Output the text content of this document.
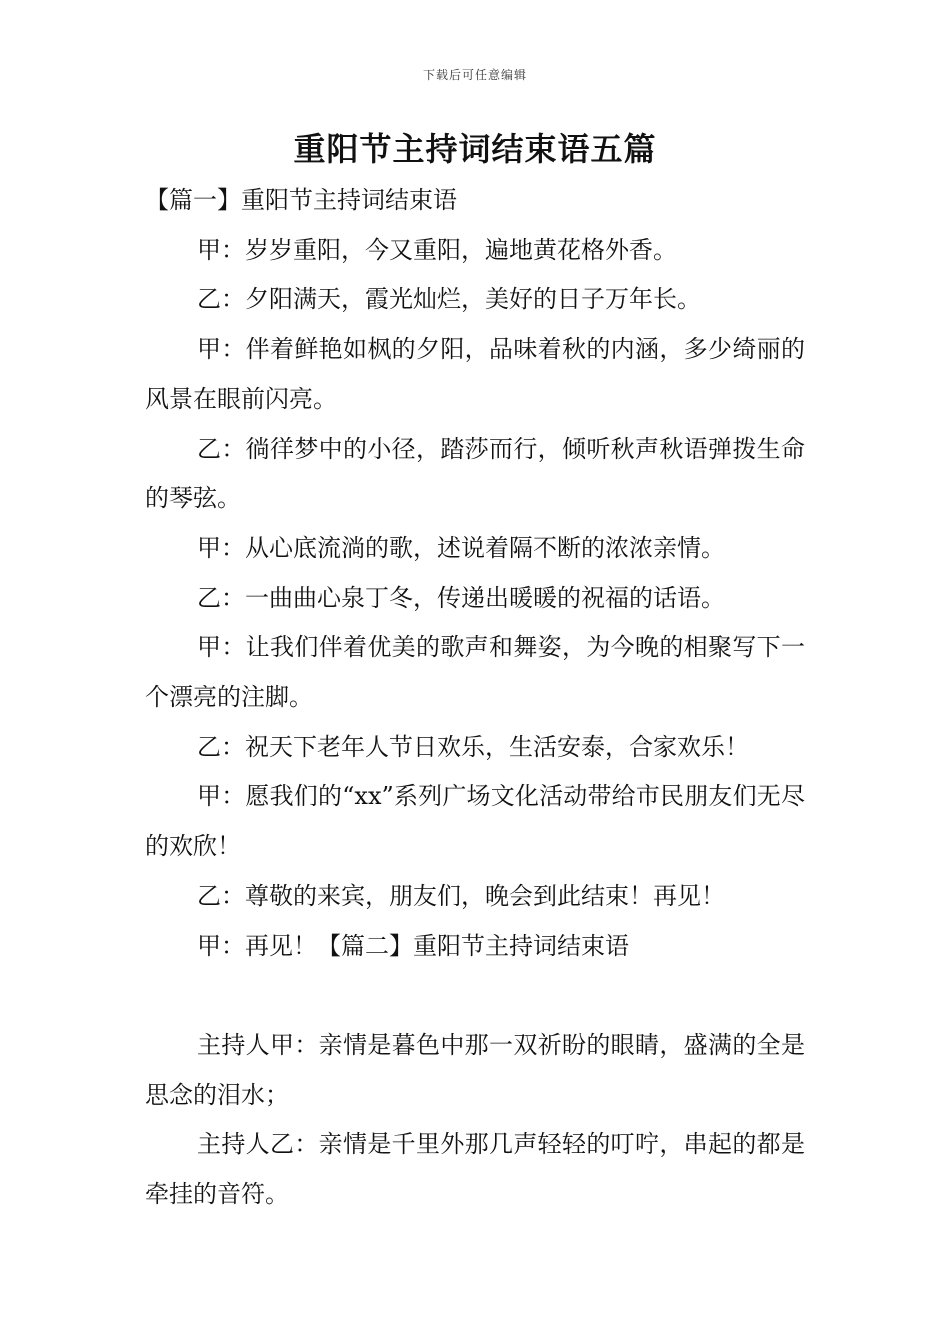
下载后可任意编辑
重阳节主持词结束语五篇

【篇一】重阳节主持词结束语

甲：岁岁重阳，今又重阳，遍地黄花格外香。

乙：夕阳满天，霞光灿烂，美好的日子万年长。

甲：伴着鲜艳如枫的夕阳，品味着秋的内涵，多少绮丽的风景在眼前闪亮。

乙：徜徉梦中的小径，踏莎而行，倾听秋声秋语弹拨生命的琴弦。

甲：从心底流淌的歌，述说着隔不断的浓浓亲情。

乙：一曲曲心泉丁冬，传递出暖暖的祝福的话语。

甲：让我们伴着优美的歌声和舞姿，为今晚的相聚写下一个漂亮的注脚。

乙：祝天下老年人节日欢乐，生活安泰，合家欢乐！

甲：愿我们的“xx”系列广场文化活动带给市民朋友们无尽的欢欣！

乙：尊敬的来宾，朋友们，晚会到此结束！再见！

甲：再见！【篇二】重阳节主持词结束语

主持人甲：亲情是暮色中那一双祈盼的眼睛，盛满的全是思念的泪水；

主持人乙：亲情是千里外那几声轻轻的叮咛，串起的都是牵挂的音符。
